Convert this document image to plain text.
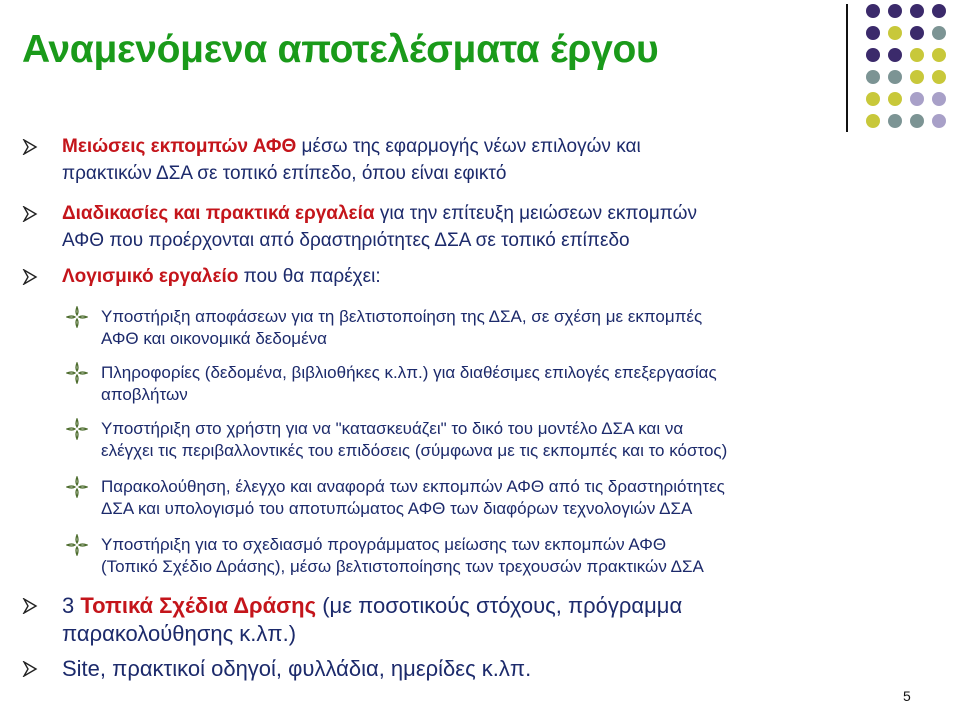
Αναμενόμενα αποτελέσματα έργου
Μειώσεις εκπομπών ΑΦΘ μέσω της εφαρμογής νέων επιλογών και
πρακτικών ΔΣΑ σε τοπικό επίπεδο, όπου είναι εφικτό
Διαδικασίες και πρακτικά εργαλεία για την επίτευξη μειώσεων εκπομπών
ΑΦΘ που προέρχονται από δραστηριότητες ΔΣΑ σε τοπικό επίπεδο
Λογισμικό εργαλείο που θα παρέχει:
Υποστήριξη αποφάσεων για τη βελτιστοποίηση της ΔΣΑ, σε σχέση με εκπομπές
ΑΦΘ και οικονομικά δεδομένα
Πληροφορίες (δεδομένα, βιβλιοθήκες κ.λπ.) για διαθέσιμες επιλογές επεξεργασίας
αποβλήτων
Υποστήριξη στο χρήστη για να "κατασκευάζει" το δικό του μοντέλο ΔΣΑ και να
ελέγχει τις περιβαλλοντικές του επιδόσεις (σύμφωνα με τις εκπομπές και το κόστος)
Παρακολούθηση, έλεγχο και αναφορά των εκπομπών ΑΦΘ από τις δραστηριότητες
ΔΣΑ και υπολογισμό του αποτυπώματος ΑΦΘ των διαφόρων τεχνολογιών ΔΣΑ
Υποστήριξη για το σχεδιασμό προγράμματος μείωσης των εκπομπών ΑΦΘ
(Τοπικό Σχέδιο Δράσης), μέσω βελτιστοποίησης των τρεχουσών πρακτικών ΔΣΑ
3 Τοπικά Σχέδια Δράσης (με ποσοτικούς στόχους, πρόγραμμα
παρακολούθησης κ.λπ.)
Site, πρακτικοί οδηγοί, φυλλάδια, ημερίδες κ.λπ.
5
